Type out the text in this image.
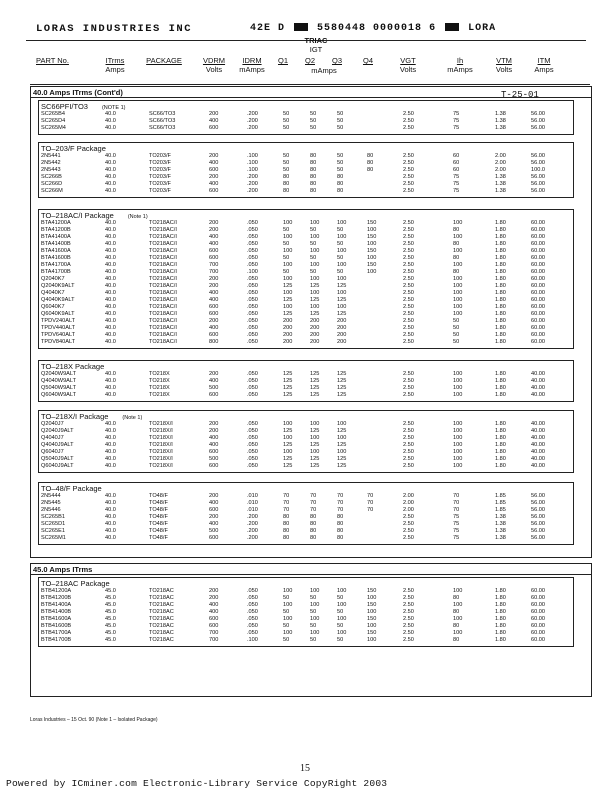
LORAS INDUSTRIES INC	42E D	5580448 0000018 6	LORA
TRIAC
IGT
PART No.	ITrms
Amps
PACKAGE	VDRM
Volts
IDRM
mAmps
Q1	Q2	Q3	Q4
mAmps
VGT
Volts
Ih
mAmps
VTM
Volts
ITM
Amps
40.0 Amps ITrms (Cont'd)	T-25-01
45.0 Amps ITrms
SC66PFI/TO3	(NOTE 1)
SC265B4	40.0	SC66/TO3	200	.200	50	50	50	2.50	75	1.38	56.00
SC265D4	40.0	SC66/TO3	400	.200	50	50	50	2.50	75	1.38	56.00
SC265M4	40.0	SC66/TO3	600	.200	50	50	50	2.50	75	1.38	56.00
TO–203/F Package
2N5441	40.0	TO203/F	200	.100	50	80	50	80	2.50	60	2.00	56.00
2N5442	40.0	TO203/F	400	.100	50	80	50	80	2.50	60	2.00	56.00
2N5443	40.0	TO203/F	600	.100	50	80	50	80	2.50	60	2.00	100.0
SC266B	40.0	TO203/F	200	.200	80	80	80	2.50	75	1.38	56.00
SC266D	40.0	TO203/F	400	.200	80	80	80	2.50	75	1.38	56.00
SC266M	40.0	TO203/F	600	.200	80	80	80	2.50	75	1.38	56.00
TO–218AC/I Package	(Note 1)
BTA41200A	40.0	TO218AC/I	200	.050	100	100	100	150	2.50	100	1.80	60.00
BTA41200B	40.0	TO218AC/I	200	.050	50	50	50	100	2.50	80	1.80	60.00
BTA41400A	40.0	TO218AC/I	400	.050	100	100	100	150	2.50	100	1.80	60.00
BTA41400B	40.0	TO218AC/I	400	.050	50	50	50	100	2.50	80	1.80	60.00
BTA41600A	40.0	TO218AC/I	600	.050	100	100	100	150	2.50	100	1.80	60.00
BTA41600B	40.0	TO218AC/I	600	.050	50	50	50	100	2.50	80	1.80	60.00
BTA41700A	40.0	TO218AC/I	700	.050	100	100	100	150	2.50	100	1.80	60.00
BTA41700B	40.0	TO218AC/I	700	.100	50	50	50	100	2.50	80	1.80	60.00
Q2040K7	40.0	TO218AC/I	200	.050	100	100	100	2.50	100	1.80	60.00
Q2040K9ALT	40.0	TO218AC/I	200	.050	125	125	125	2.50	100	1.80	60.00
Q4040K7	40.0	TO218AC/I	400	.050	100	100	100	2.50	100	1.80	60.00
Q4040K9ALT	40.0	TO218AC/I	400	.050	125	125	125	2.50	100	1.80	60.00
Q6040K7	40.0	TO218AC/I	600	.050	100	100	100	2.50	100	1.80	60.00
Q6040K9ALT	40.0	TO218AC/I	600	.050	125	125	125	2.50	100	1.80	60.00
TPDV240ALT	40.0	TO218AC/I	200	.050	200	200	200	2.50	50	1.80	60.00
TPDV440ALT	40.0	TO218AC/I	400	.050	200	200	200	2.50	50	1.80	60.00
TPDV640ALT	40.0	TO218AC/I	600	.050	200	200	200	2.50	50	1.80	60.00
TPDV840ALT	40.0	TO218AC/I	800	.050	200	200	200	2.50	50	1.80	60.00
TO–218X Package
Q2040W9ALT	40.0	TO218X	200	.050	125	125	125	2.50	100	1.80	40.00
Q4040W9ALT	40.0	TO218X	400	.050	125	125	125	2.50	100	1.80	40.00
Q5040W9ALT	40.0	TO218X	500	.050	125	125	125	2.50	100	1.80	40.00
Q6040W9ALT	40.0	TO218X	600	.050	125	125	125	2.50	100	1.80	40.00
TO–218X/I Package	(Note 1)
Q2040J7	40.0	TO218X/I	200	.050	100	100	100	2.50	100	1.80	40.00
Q2040J9ALT	40.0	TO218X/I	200	.050	125	125	125	2.50	100	1.80	40.00
Q4040J7	40.0	TO218X/I	400	.050	100	100	100	2.50	100	1.80	40.00
Q4040J9ALT	40.0	TO218X/I	400	.050	125	125	125	2.50	100	1.80	40.00
Q6040J7	40.0	TO218X/I	600	.050	100	100	100	2.50	100	1.80	40.00
Q5040J9ALT	40.0	TO218X/I	500	.050	125	125	125	2.50	100	1.80	40.00
Q6040J9ALT	40.0	TO218X/I	600	.050	125	125	125	2.50	100	1.80	40.00
TO–48/F Package
2N5444	40.0	TO48/F	200	.010	70	70	70	70	2.00	70	1.85	56.00
2N5445	40.0	TO48/F	400	.010	70	70	70	70	2.00	70	1.85	56.00
2N5446	40.0	TO48/F	600	.010	70	70	70	70	2.00	70	1.85	56.00
SC265B1	40.0	TO48/F	200	.200	80	80	80	2.50	75	1.38	56.00
SC265D1	40.0	TO48/F	400	.200	80	80	80	2.50	75	1.38	56.00
SC265E1	40.0	TO48/F	500	.200	80	80	80	2.50	75	1.38	56.00
SC265M1	40.0	TO48/F	600	.200	80	80	80	2.50	75	1.38	56.00
TO–218AC Package
BTB41200A	45.0	TO218AC	200	.050	100	100	100	150	2.50	100	1.80	60.00
BTB41200B	45.0	TO218AC	200	.050	50	50	50	100	2.50	80	1.80	60.00
BTB41400A	45.0	TO218AC	400	.050	100	100	100	150	2.50	100	1.80	60.00
BTB41400B	45.0	TO218AC	400	.050	50	50	50	100	2.50	80	1.80	60.00
BTB41600A	45.0	TO218AC	600	.050	100	100	100	150	2.50	100	1.80	60.00
BTB41600B	45.0	TO218AC	600	.050	50	50	50	100	2.50	80	1.80	60.00
BTB41700A	45.0	TO218AC	700	.050	100	100	100	150	2.50	100	1.80	60.00
BTB41700B	45.0	TO218AC	700	.100	50	50	50	100	2.50	80	1.80	60.00
Loras Industries – 15 Oct. 90 (Note 1 – Isolated Package)
15
Powered by ICminer.com Electronic-Library Service CopyRight 2003
